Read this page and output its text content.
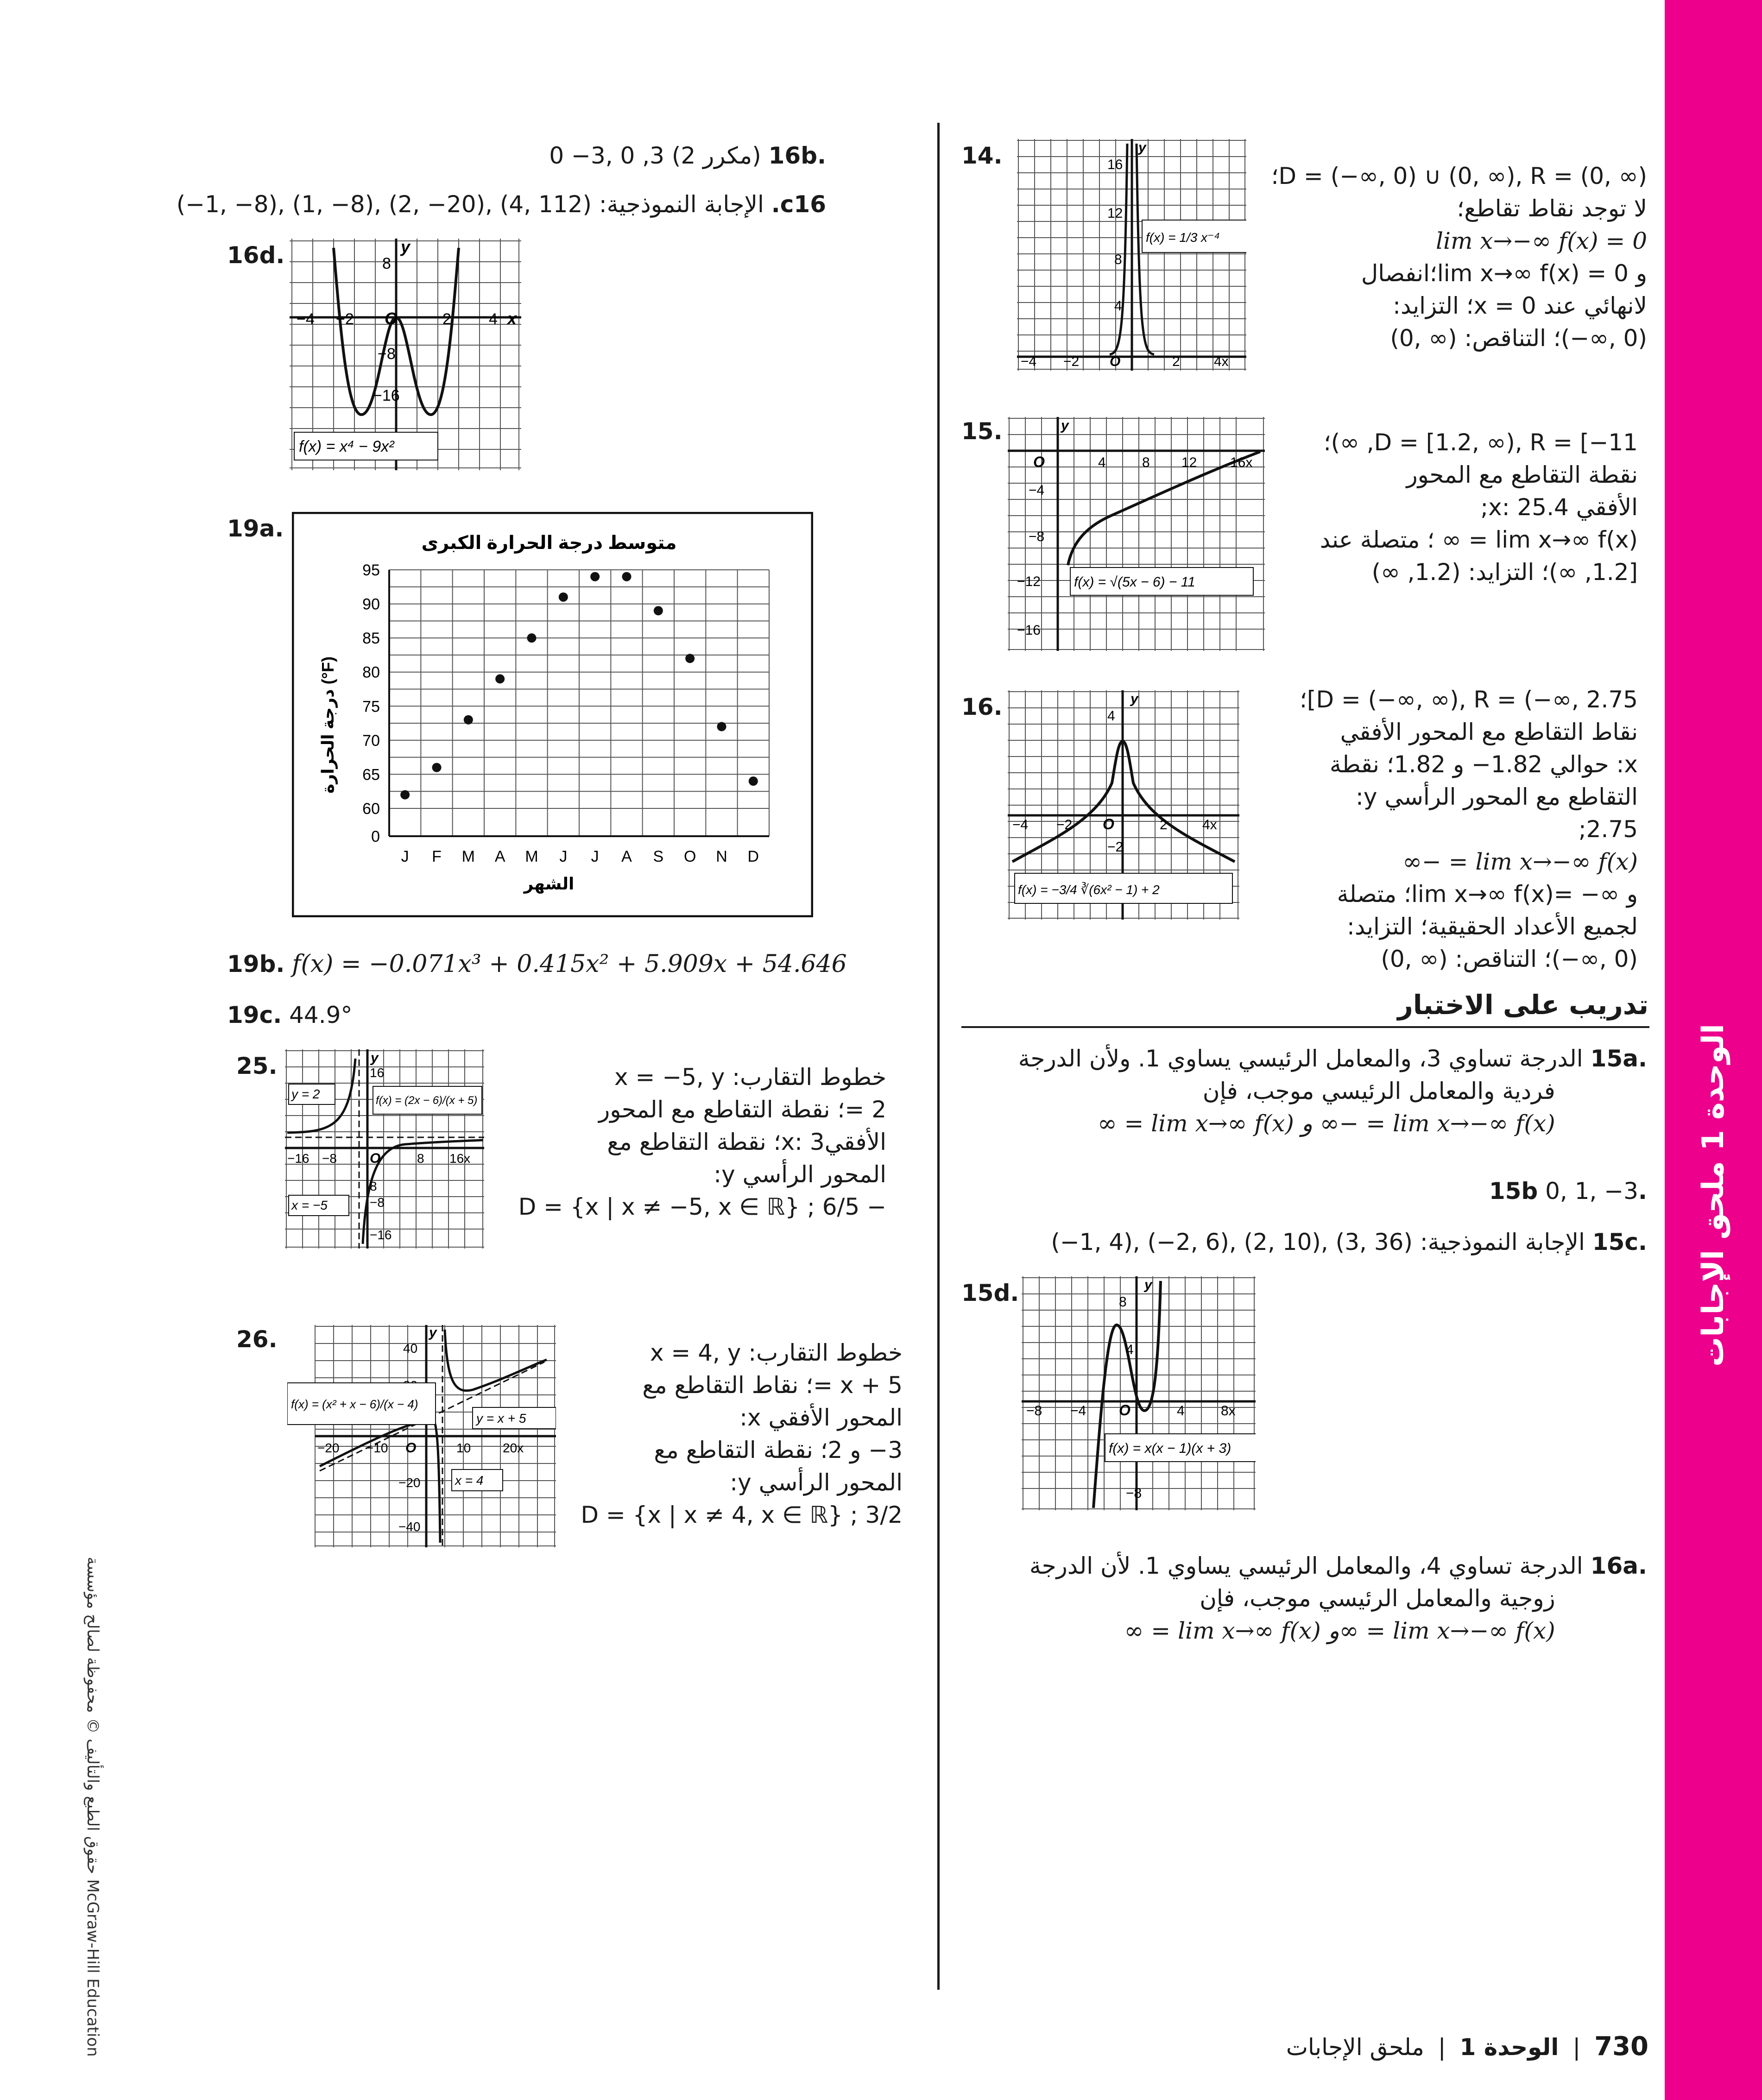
الوحدة 1 ملحق الإجابات
McGraw-Hill Education حقوق الطبع والتأليف © محفوظة لصالح مؤسسة
.16b (مكرر 2) 3, 0 ,3− 0
c16. الإجابة النموذجية: (112 ,4) ,(20− ,2) ,(8− ,1) ,(8− ,1−)
16d.
−4 −2 O	2 4 x
y
8
−8
−16
f(x) = x⁴ − 9x²
19a.
متوسط درجة الحرارة الكبرى
0
60
65
70
75
80
85
90
95
J F M A M J J A S O N D
الشهر
درجة الحرارة (°F)
19b. f(x) = −0.071x³ + 0.415x² + 5.909x + 54.646
19c. 44.9°
25.
−16 −8 O	8 16x
y
16
8
−8
−16
y = 2	f(x) = (2x − 6)/(x + 5)
x = −5
خطوط التقارب: x = −5, y
2 =؛ نقطة التقاطع مع المحور
الأفقيx: 3؛ نقطة التقاطع مع
المحور الرأسي y:
− 6/5 ; D = {x | x ≠ −5, x ∈ ℝ}
26.
−20 −10 O	10 20x
y
40
−20
−40
f(x) = (x² + x − 6)/(x − 4)
y = x + 5
x = 4
خطوط التقارب: x = 4, y
x + 5 =؛ نقاط التقاطع مع
المحور الأفقي x:
3− و 2؛ نقطة التقاطع مع
المحور الرأسي y:
3/2 ; D = {x | x ≠ 4, x ∈ ℝ}
14.
−4 −2 O	2 4x
y
16
12
8
4
f(x) = 1/3 x⁻⁴
D = (−∞, 0) ∪ (0, ∞), R = (0, ∞)؛
لا توجد نقاط تقاطع؛
lim x→−∞ f(x) = 0
و 0 = lim x→∞ f(x)؛انفصال
لانهائي عند 0 = x؛ التزايد:
(0 ,∞−)؛ التناقص: (∞ ,0)
15.	y
O	4	8 12 16x
−4
−8
−12
−16
f(x) = √(5x − 6) − 11
D = [1.2, ∞), R = [−11, ∞)؛
نقطة التقاطع مع المحور
الأفقي x: 25.4;
lim x→∞ f(x) = ∞ ؛ متصلة عند
[1.2, ∞)؛ التزايد: (1.2, ∞)
16.	y
4
−2
−4 −2 O	2	4x
f(x) = −3/4 ∛(6x² − 1) + 2
D = (−∞, ∞), R = (−∞, 2.75]؛
نقاط التقاطع مع المحور الأفقي
x: حوالي 1.82− و 1.82؛ نقطة
التقاطع مع المحور الرأسي y:
2.75;
lim x→−∞ f(x) = −∞
و ∞− =lim x→∞ f(x)؛ متصلة
لجميع الأعداد الحقيقية؛ التزايد:
(0 ,∞−)؛ التناقص: (∞ ,0)
تدريب على الاختبار
.15a
الدرجة تساوي 3، والمعامل الرئيسي يساوي 1. ولأن الدرجة
فردية والمعامل الرئيسي موجب، فإن
lim x→−∞ f(x) = −∞ و lim x→∞ f(x) = ∞
.15b 0, 1, −3
.15c الإجابة النموذجية: (36 ,3) ,(10 ,2) ,(6 ,2−) ,(4 ,1−)
15d.	y
8
4
−8
−8 −4 O	4	8x
f(x) = x(x − 1)(x + 3)
.16a
الدرجة تساوي 4، والمعامل الرئيسي يساوي 1. لأن الدرجة
زوجية والمعامل الرئيسي موجب، فإن
lim x→−∞ f(x) = ∞و lim x→∞ f(x) = ∞
730 | الوحدة 1 | ملحق الإجابات
